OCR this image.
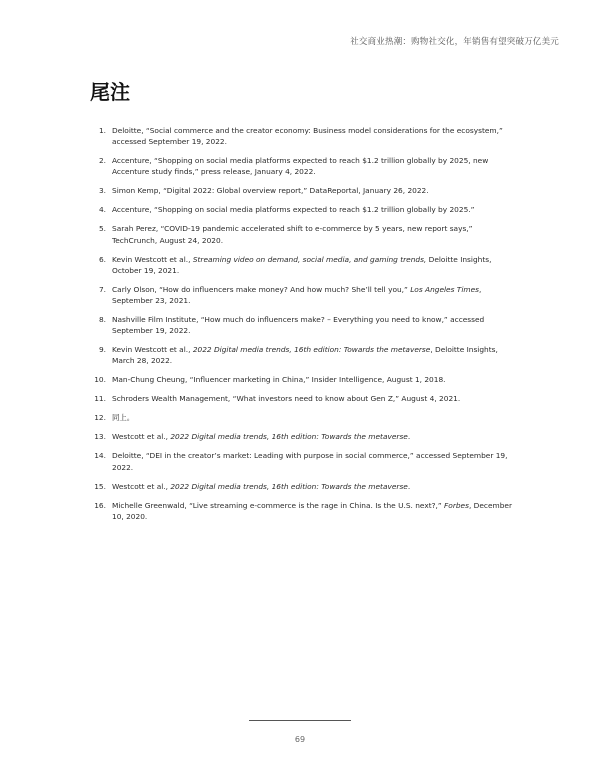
社交商业热潮：购物社交化，年销售有望突破万亿美元
尾注
1. Deloitte, “Social commerce and the creator economy: Business model considerations for the ecosystem,” accessed September 19, 2022.
2. Accenture, “Shopping on social media platforms expected to reach $1.2 trillion globally by 2025, new Accenture study finds,” press release, January 4, 2022.
3. Simon Kemp, “Digital 2022: Global overview report,” DataReportal, January 26, 2022.
4. Accenture, “Shopping on social media platforms expected to reach $1.2 trillion globally by 2025.”
5. Sarah Perez, “COVID-19 pandemic accelerated shift to e-commerce by 5 years, new report says,” TechCrunch, August 24, 2020.
6. Kevin Westcott et al., Streaming video on demand, social media, and gaming trends, Deloitte Insights, October 19, 2021.
7. Carly Olson, “How do influencers make money? And how much? She’ll tell you,” Los Angeles Times, September 23, 2021.
8. Nashville Film Institute, “How much do influencers make? – Everything you need to know,” accessed September 19, 2022.
9. Kevin Westcott et al., 2022 Digital media trends, 16th edition: Towards the metaverse, Deloitte Insights, March 28, 2022.
10. Man-Chung Cheung, “Influencer marketing in China,” Insider Intelligence, August 1, 2018.
11. Schroders Wealth Management, “What investors need to know about Gen Z,” August 4, 2021.
12. 同上。
13. Westcott et al., 2022 Digital media trends, 16th edition: Towards the metaverse.
14. Deloitte, “DEI in the creator’s market: Leading with purpose in social commerce,” accessed September 19, 2022.
15. Westcott et al., 2022 Digital media trends, 16th edition: Towards the metaverse.
16. Michelle Greenwald, “Live streaming e-commerce is the rage in China. Is the U.S. next?,” Forbes, December 10, 2020.
69
